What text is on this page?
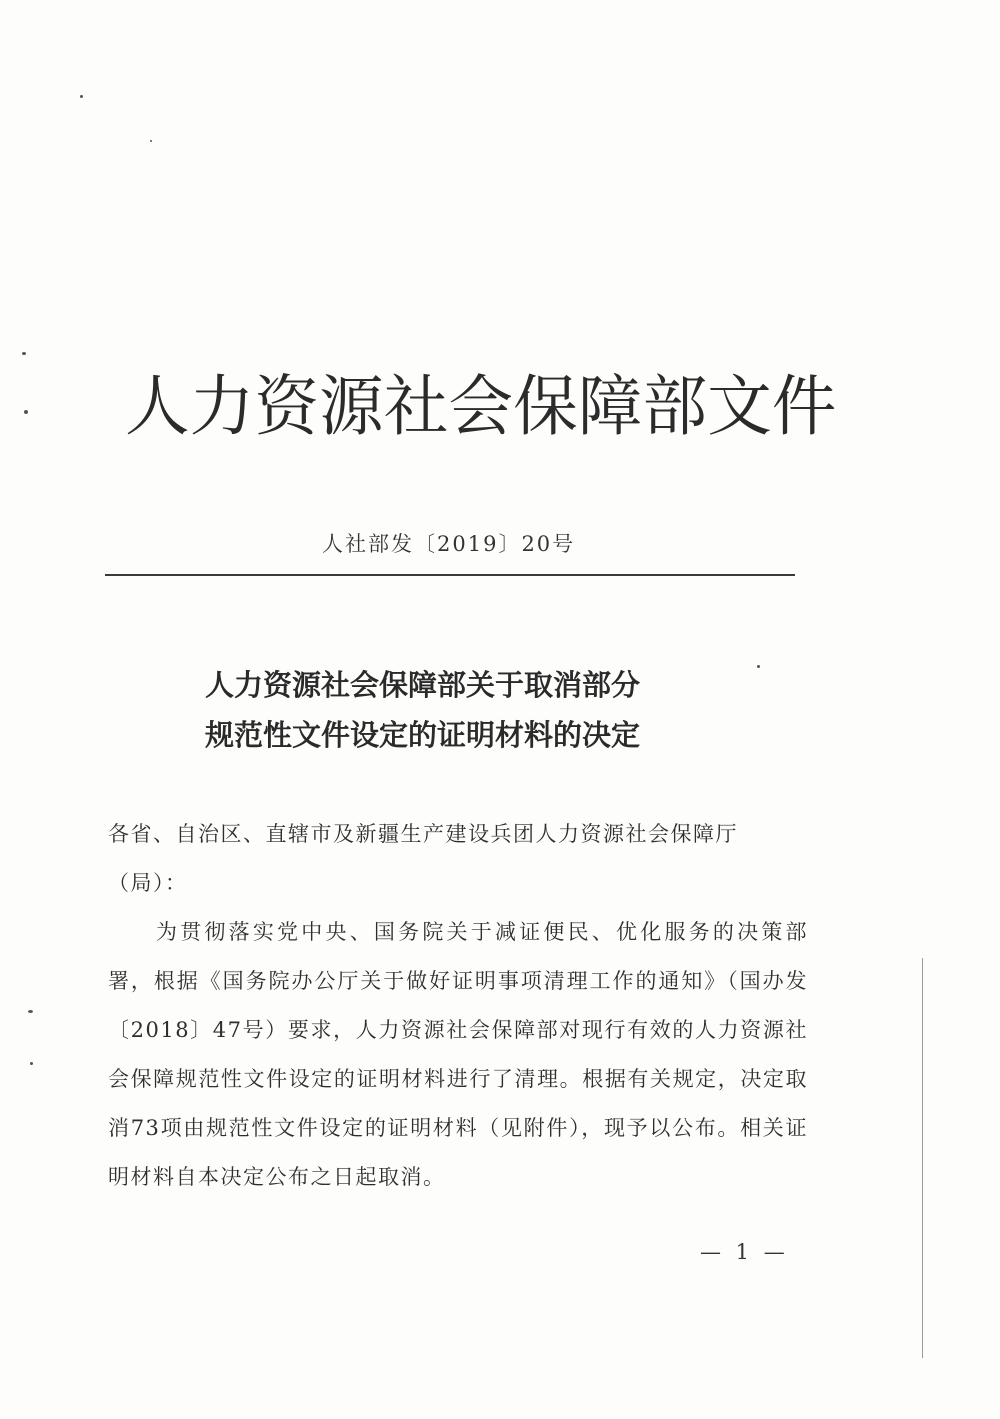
人力资源社会保障部文件
人社部发〔2019〕20号
人力资源社会保障部关于取消部分
规范性文件设定的证明材料的决定

各省、自治区、直辖市及新疆生产建设兵团人力资源社会保障厅（局）：

为贯彻落实党中央、国务院关于减证便民、优化服务的决策部署，根据《国务院办公厅关于做好证明事项清理工作的通知》（国办发〔2018〕47号）要求，人力资源社会保障部对现行有效的人力资源社会保障规范性文件设定的证明材料进行了清理。根据有关规定，决定取消73项由规范性文件设定的证明材料（见附件），现予以公布。相关证明材料自本决定公布之日起取消。

— 1 —
